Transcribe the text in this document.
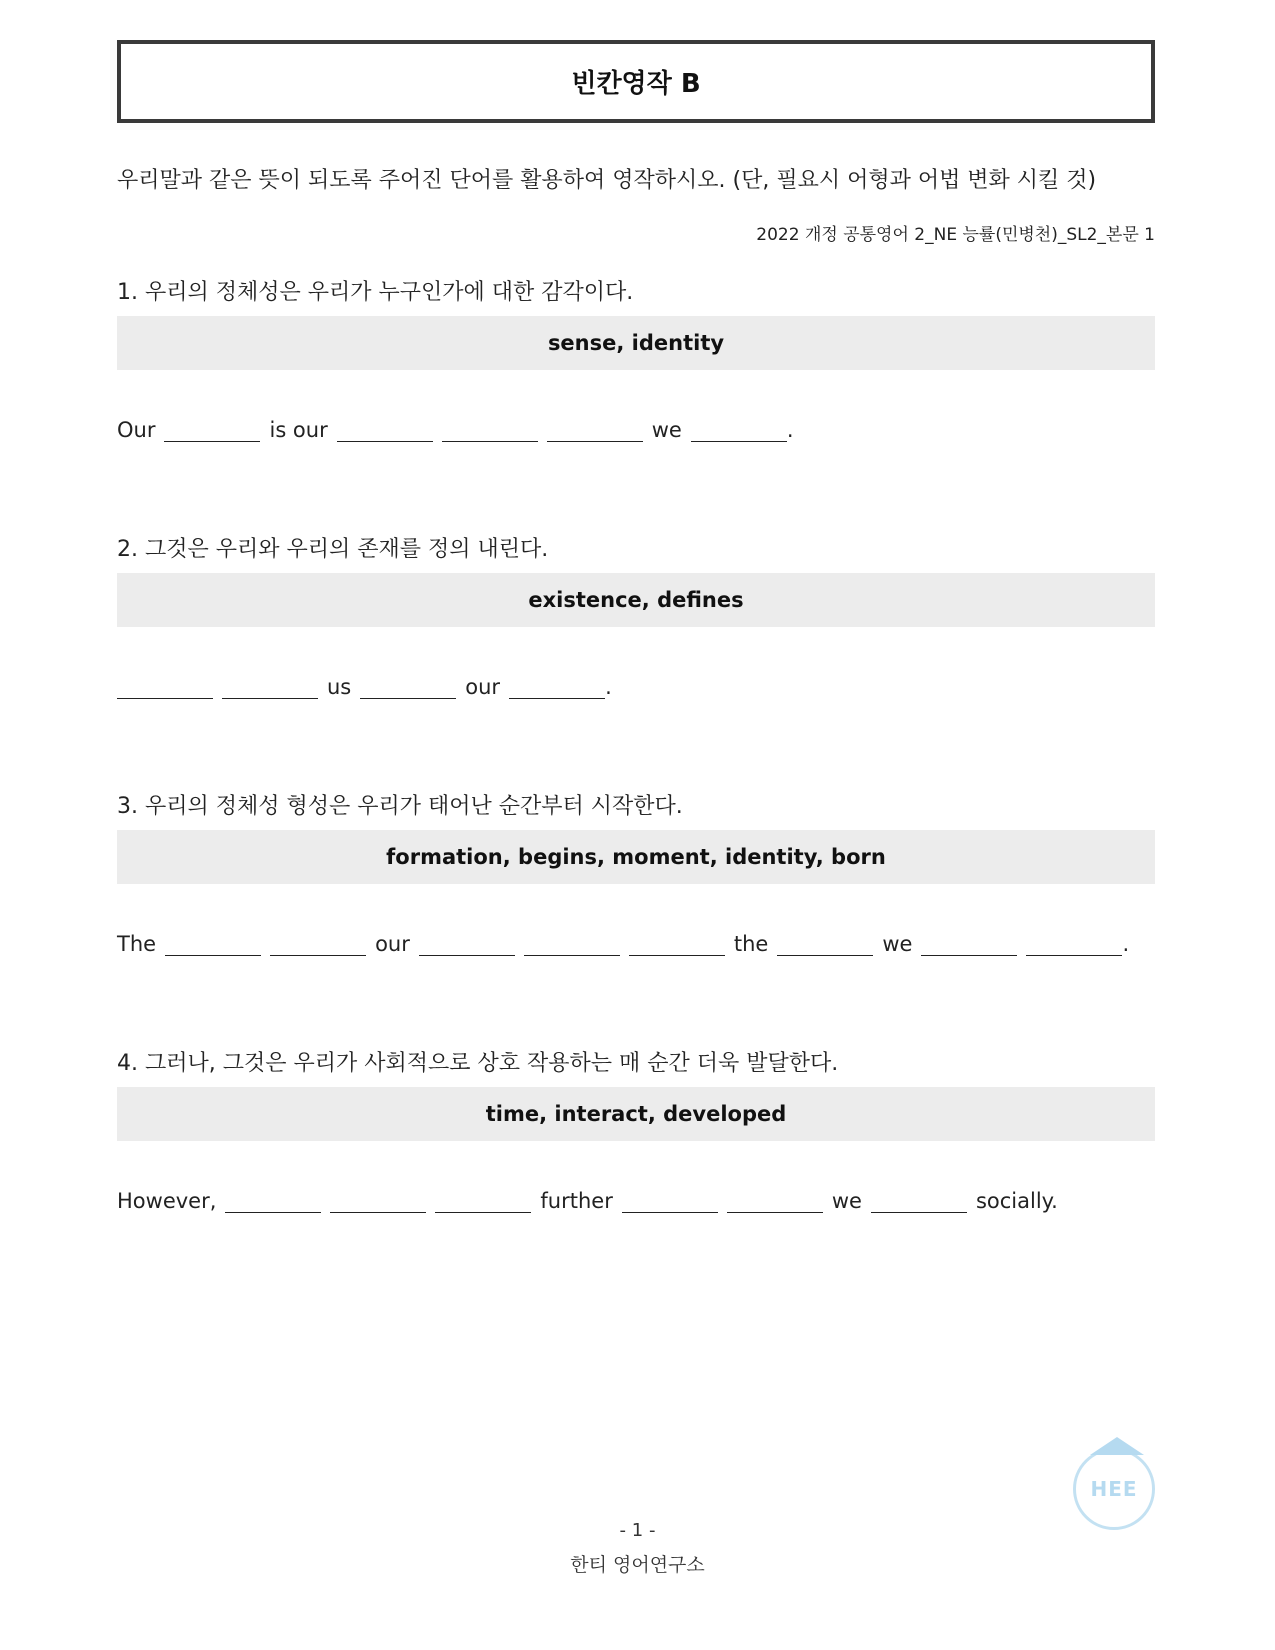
빈칸영작 B
우리말과 같은 뜻이 되도록 주어진 단어를 활용하여 영작하시오. (단, 필요시 어형과 어법 변화 시킬 것)
2022 개정 공통영어 2_NE 능률(민병천)_SL2_본문 1
1. 우리의 정체성은 우리가 누구인가에 대한 감각이다.
sense, identity
Our	is our	we	.
2. 그것은 우리와 우리의 존재를 정의 내린다.
existence, defines
us	our	.
3. 우리의 정체성 형성은 우리가 태어난 순간부터 시작한다.
formation, begins, moment, identity, born
The	our	the	we	.
4. 그러나, 그것은 우리가 사회적으로 상호 작용하는 매 순간 더욱 발달한다.
time, interact, developed
However,	further	we	socially.
HEE
- 1 -
한티 영어연구소
